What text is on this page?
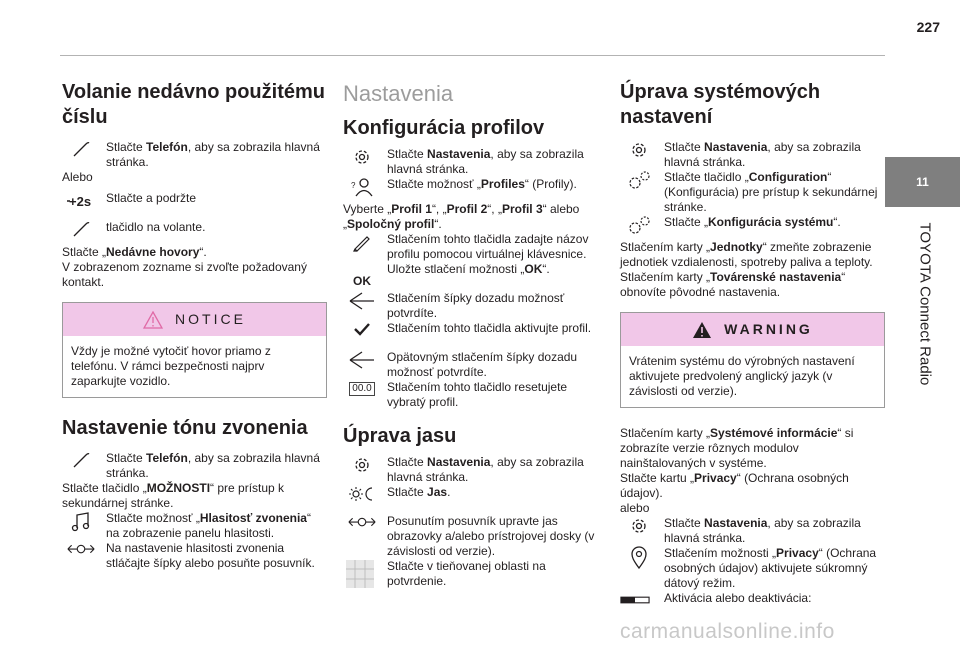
227
11
TOYOTA Connect Radio
Volanie nedávno použitému číslu

Stlačte Telefón, aby sa zobrazila hlavná stránka.

Alebo

+2s Stlačte a podržte

tlačidlo na volante.

Stlačte „Nedávne hovory“.

V zobrazenom zozname si zvoľte požadovaný kontakt.

NOTICE

Vždy je možné vytočiť hovor priamo z telefónu. V rámci bezpečnosti najprv zaparkujte vozidlo.

Nastavenie tónu zvonenia

Stlačte Telefón, aby sa zobrazila hlavná stránka.

Stlačte tlačidlo „MOŽNOSTI“ pre prístup k sekundárnej stránke.

Stlačte možnosť „Hlasitosť zvonenia“ na zobrazenie panelu hlasitosti.

Na nastavenie hlasitosti zvonenia stláčajte šípky alebo posuňte posuvník.

Nastavenia
Konfigurácia profilov

Stlačte Nastavenia, aby sa zobrazila hlavná stránka.

?	Stlačte možnosť „Profiles“ (Profily).

Vyberte „Profil 1“, „Profil 2“, „Profil 3“ alebo „Spoločný profil“.

Stlačením tohto tlačidla zadajte názov profilu pomocou virtuálnej klávesnice.

OK

Uložte stlačení možnosti „OK“.

Stlačením šípky dozadu možnosť potvrdíte.

Stlačením tohto tlačidla aktivujte profil.

Opätovným stlačením šípky dozadu možnosť potvrdíte.

00.0 Stlačením tohto tlačidlo resetujete vybratý profil.

Úprava jasu

Stlačte Nastavenia, aby sa zobrazila hlavná stránka.

Stlačte Jas.

Posunutím posuvník upravte jas obrazovky a/alebo prístrojovej dosky (v závislosti od verzie).

Stlačte v tieňovanej oblasti na potvrdenie.

Úprava systémových nastavení

Stlačte Nastavenia, aby sa zobrazila hlavná stránka.

Stlačte tlačidlo „Configuration“ (Konfigurácia) pre prístup k sekundárnej stránke.

Stlačte „Konfigurácia systému“.

Stlačením karty „Jednotky“ zmeňte zobrazenie jednotiek vzdialenosti, spotreby paliva a teploty.

Stlačením karty „Továrenské nastavenia“ obnovíte pôvodné nastavenia.

WARNING

Vrátenim systému do výrobných nastavení aktivujete predvolený anglický jazyk (v závislosti od verzie).

Stlačením karty „Systémové informácie“ si zobrazíte verzie rôznych modulov nainštalovaných v systéme.

Stlačte kartu „Privacy“ (Ochrana osobných údajov).

alebo

Stlačte Nastavenia, aby sa zobrazila hlavná stránka.

Stlačením možnosti „Privacy“ (Ochrana osobných údajov) aktivujete súkromný dátový režim.

Aktivácia alebo deaktivácia:

carmanualsonline.info
